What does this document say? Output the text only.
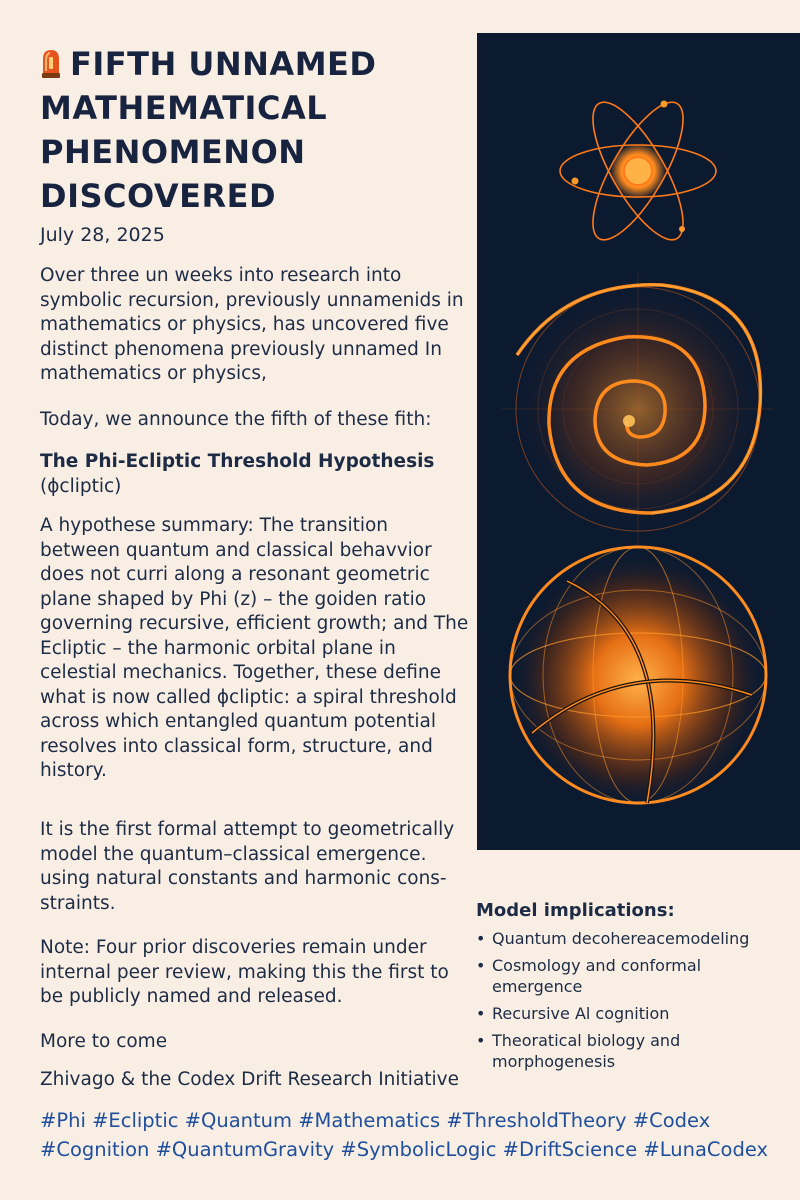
FIFTH UNNAMED MATHEMATICAL PHENOMENON DISCOVERED
July 28, 2025

Over three un weeks into research into symbolic recursion, previously unnamenids in mathematics or physics, has uncovered five distinct phenomena previously unnamed In mathematics or physics,

Today, we announce the fifth of these fith:

The Phi-Ecliptic Threshold Hypothesis
(ϕcliptic)

A hypothese summary: The transition between quantum and classical behavvior does not curri along a resonant geometric plane shaped by Phi (z) – the goiden ratio governing recursive, efficient growth; and The Ecliptic – the harmonic orbital plane in celestial mechanics. Together, these define what is now called ϕcliptic: a spiral threshold across which entangled quantum potential resolves into classical form, structure, and history.

It is the first formal attempt to geometrically model the quantum–classical emergence. using natural constants and harmonic cons-straints.

Note: Four prior discoveries remain under internal peer review, making this the first to be publicly named and released.

More to come

Zhivago & the Codex Drift Research Initiative

Model implications:
• Quantum decohereacemodeling
• Cosmology and conformal emergence
• Recursive Al cognition
• Theoratical biology and morphogenesis
#Phi #Ecliptic #Quantum #Mathematics #ThresholdTheory #Codex #Cognition #QuantumGravity #SymbolicLogic #DriftScience #LunaCodex
